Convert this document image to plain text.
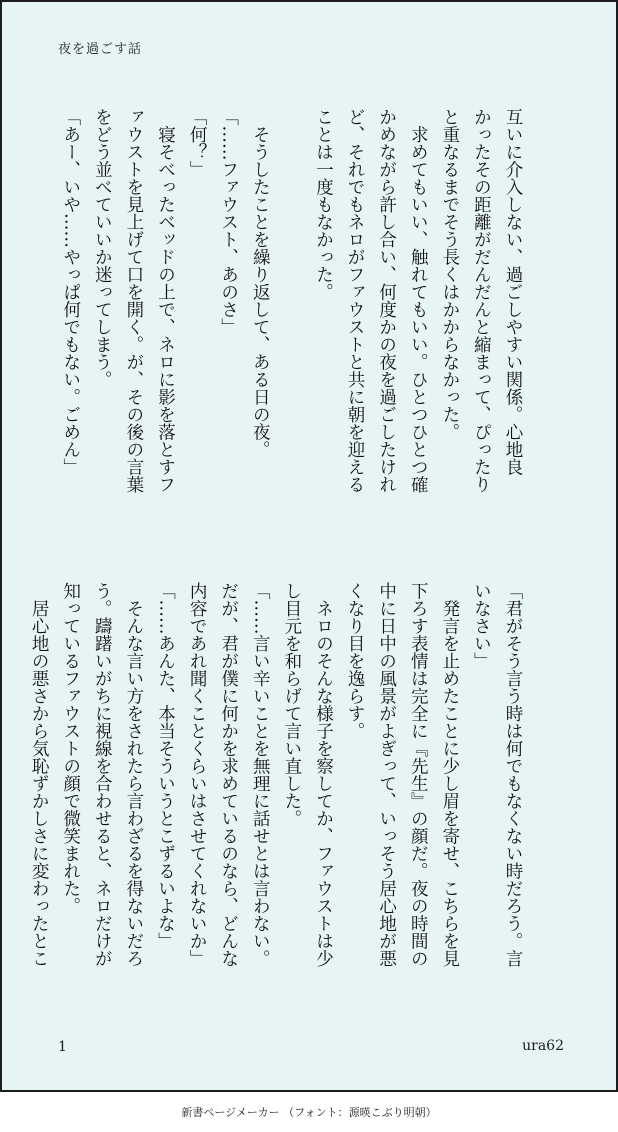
夜を過ごす話
互いに介入しない、過ごしやすい関係。心地良
かったその距離がだんだんと縮まって、ぴったり
と重なるまでそう長くはかからなかった。
　求めてもいい、触れてもいい。ひとつひとつ確
かめながら許し合い、何度かの夜を過ごしたけれ
ど、それでもネロがファウストと共に朝を迎える
ことは一度もなかった。

　そうしたことを繰り返して、ある日の夜。
「……ファウスト、あのさ」
「何？」
　寝そべったベッドの上で、ネロに影を落とすフ
ァウストを見上げて口を開く。が、その後の言葉
をどう並べていいか迷ってしまう。
「あー、いや……やっぱ何でもない。ごめん」
「君がそう言う時は何でもなくない時だろう。言
いなさい」
　発言を止めたことに少し眉を寄せ、こちらを見
下ろす表情は完全に『先生』の顔だ。夜の時間の
中に日中の風景がよぎって、いっそう居心地が悪
くなり目を逸らす。
　ネロのそんな様子を察してか、ファウストは少
し目元を和らげて言い直した。
「……言い辛いことを無理に話せとは言わない。
だが、君が僕に何かを求めているのなら、どんな
内容であれ聞くことくらいはさせてくれないか」
「……あんた、本当そういうとこずるいよな」
　そんな言い方をされたら言わざるを得ないだろ
う。躊躇いがちに視線を合わせると、ネロだけが
知っているファウストの顔で微笑まれた。
　居心地の悪さから気恥ずかしさに変わったとこ
1	ura62
新書ページメーカー （フォント：源暎こぶり明朝）
